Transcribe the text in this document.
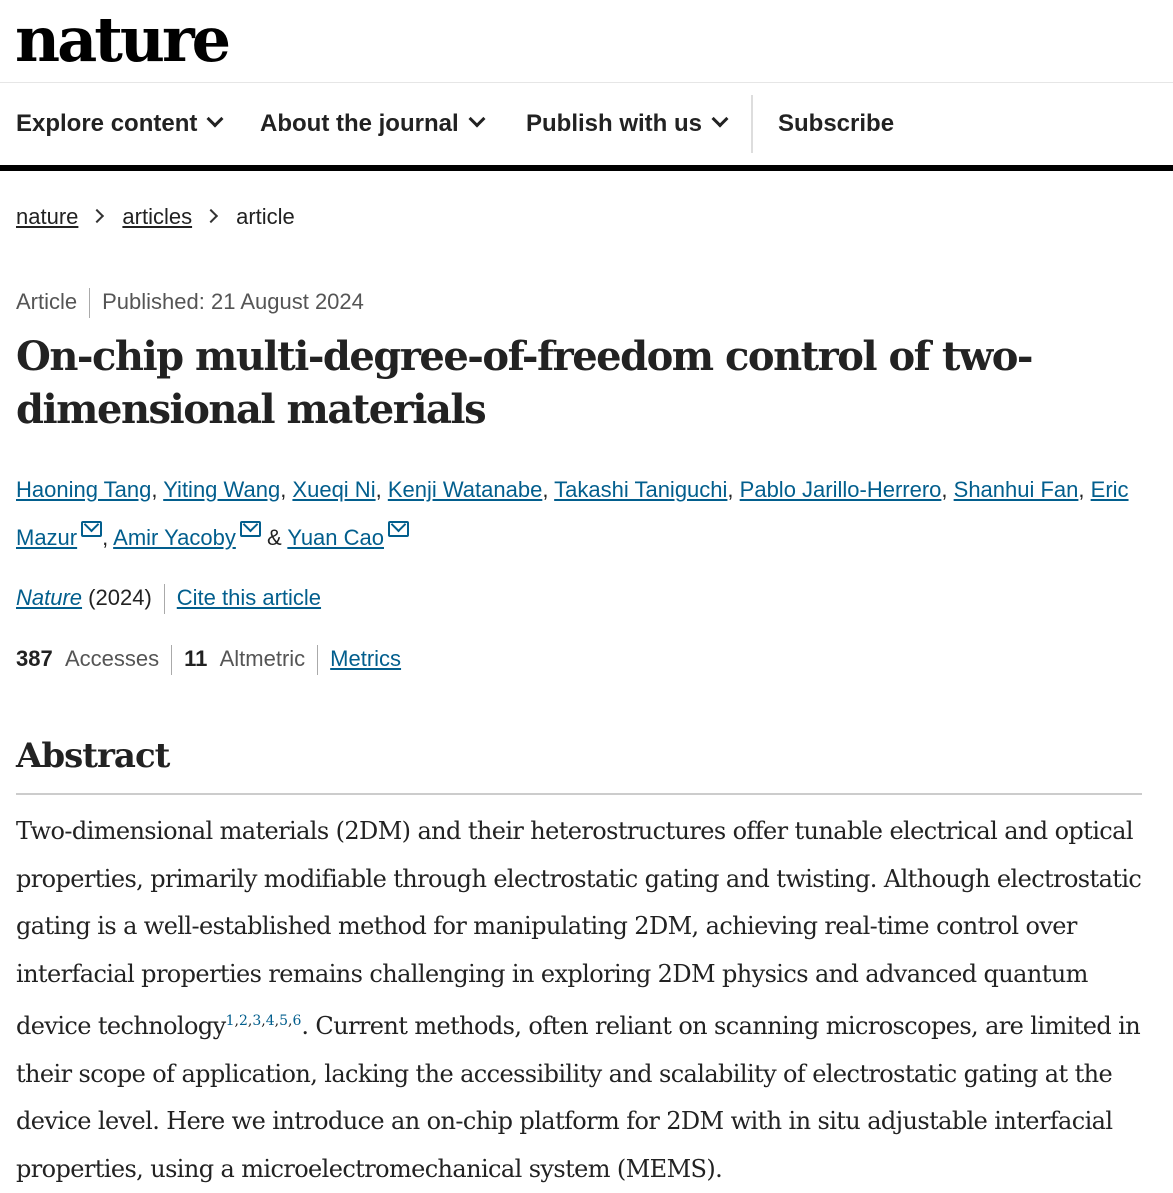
nature
Explore content	About the journal	Publish with us	Subscribe
nature articles article
Article Published: 21 August 2024
On-chip multi-degree-of-freedom control of two-dimensional materials
Haoning Tang, Yiting Wang, Xueqi Ni, Kenji Watanabe, Takashi Taniguchi, Pablo Jarillo-Herrero, Shanhui Fan, Eric Mazur , Amir Yacoby & Yuan Cao
Nature (2024) Cite this article
387 Accesses 11 Altmetric Metrics
Abstract

Two-dimensional materials (2DM) and their heterostructures offer tunable electrical and optical properties, primarily modifiable through electrostatic gating and twisting. Although electrostatic gating is a well-established method for manipulating 2DM, achieving real-time control over interfacial properties remains challenging in exploring 2DM physics and advanced quantum device technology$^{1,2,3,4,5,6}$. Current methods, often reliant on scanning microscopes, are limited in their scope of application, lacking the accessibility and scalability of electrostatic gating at the device level. Here we introduce an on-chip platform for 2DM with in situ adjustable interfacial properties, using a microelectromechanical system (MEMS).
